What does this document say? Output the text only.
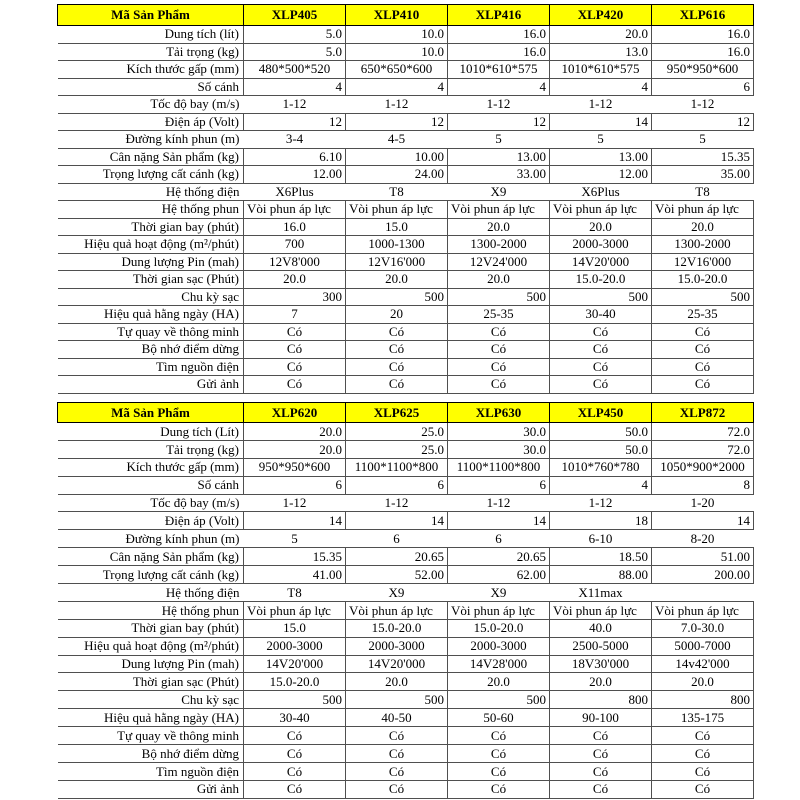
Mã Sản Phẩm	XLP405	XLP410	XLP416	XLP420	XLP616
Dung tích (lít)	5.0	10.0	16.0	20.0	16.0
Tải trọng (kg)	5.0	10.0	16.0	13.0	16.0
Kích thước gấp (mm)	480*500*520	650*650*600	1010*610*575	1010*610*575	950*950*600
Số cánh	4	4	4	4	6
Tốc độ bay (m/s)	1-12	1-12	1-12	1-12	1-12
Điện áp (Volt)	12	12	12	14	12
Đường kính phun (m)	3-4	4-5	5	5	5
Cân nặng Sản phẩm (kg)	6.10	10.00	13.00	13.00	15.35
Trọng lượng cất cánh (kg)	12.00	24.00	33.00	12.00	35.00
Hệ thống điện	X6Plus	T8	X9	X6Plus	T8
Hệ thống phun	Vòi phun áp lực	Vòi phun áp lực	Vòi phun áp lực	Vòi phun áp lực	Vòi phun áp lực
Thời gian bay (phút)	16.0	15.0	20.0	20.0	20.0
Hiệu quả hoạt động (m²/phút)	700	1000-1300	1300-2000	2000-3000	1300-2000
Dung lượng Pin (mah)	12V8'000	12V16'000	12V24'000	14V20'000	12V16'000
Thời gian sạc (Phút)	20.0	20.0	20.0	15.0-20.0	15.0-20.0
Chu kỳ sạc	300	500	500	500	500
Hiệu quả hằng ngày (HA)	7	20	25-35	30-40	25-35
Tự quay về thông minh	Có	Có	Có	Có	Có
Bộ nhớ điểm dừng	Có	Có	Có	Có	Có
Tìm nguồn điện	Có	Có	Có	Có	Có
Gửi ảnh	Có	Có	Có	Có	Có
Mã Sản Phẩm	XLP620	XLP625	XLP630	XLP450	XLP872
Dung tích (Lít)	20.0	25.0	30.0	50.0	72.0
Tải trọng (kg)	20.0	25.0	30.0	50.0	72.0
Kích thước gấp (mm)	950*950*600	1100*1100*800	1100*1100*800	1010*760*780	1050*900*2000
Số cánh	6	6	6	4	8
Tốc độ bay (m/s)	1-12	1-12	1-12	1-12	1-20
Điện áp (Volt)	14	14	14	18	14
Đường kính phun (m)	5	6	6	6-10	8-20
Cân nặng Sản phẩm (kg)	15.35	20.65	20.65	18.50	51.00
Trọng lượng cất cánh (kg)	41.00	52.00	62.00	88.00	200.00
Hệ thống điện	T8	X9	X9	X11max	
Hệ thống phun	Vòi phun áp lực	Vòi phun áp lực	Vòi phun áp lực	Vòi phun áp lực	Vòi phun áp lực
Thời gian bay (phút)	15.0	15.0-20.0	15.0-20.0	40.0	7.0-30.0
Hiệu quả hoạt động (m²/phút)	2000-3000	2000-3000	2000-3000	2500-5000	5000-7000
Dung lượng Pin (mah)	14V20'000	14V20'000	14V28'000	18V30'000	14v42'000
Thời gian sạc (Phút)	15.0-20.0	20.0	20.0	20.0	20.0
Chu kỳ sạc	500	500	500	800	800
Hiệu quả hằng ngày (HA)	30-40	40-50	50-60	90-100	135-175
Tự quay về thông minh	Có	Có	Có	Có	Có
Bộ nhớ điểm dừng	Có	Có	Có	Có	Có
Tìm nguồn điện	Có	Có	Có	Có	Có
Gửi ảnh	Có	Có	Có	Có	Có
